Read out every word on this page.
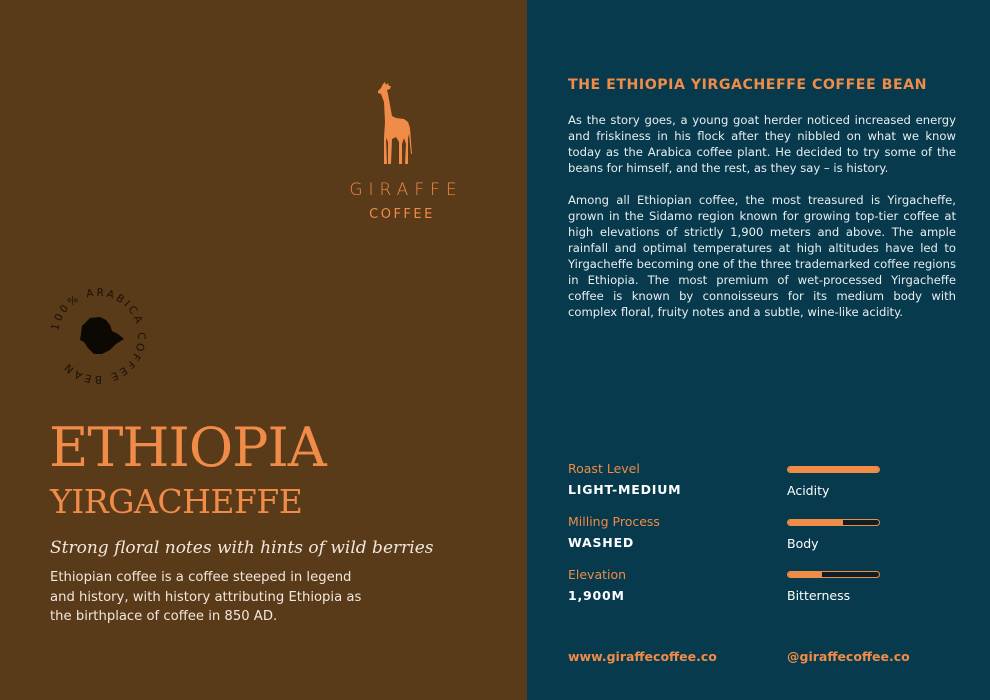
GIRAFFE
COFFEE
100% ARABICA COFFEE BEAN
ETHIOPIA
YIRGACHEFFE
Strong floral notes with hints of wild berries
Ethiopian coffee is a coffee steeped in legend and history, with history attributing Ethiopia as the birthplace of coffee in 850 AD.
THE ETHIOPIA YIRGACHEFFE COFFEE BEAN
As the story goes, a young goat herder noticed increased energy and friskiness in his flock after they nibbled on what we know today as the Arabica coffee plant. He decided to try some of the beans for himself, and the rest, as they say – is history.
Among all Ethiopian coffee, the most treasured is Yirgacheffe, grown in the Sidamo region known for growing top-tier coffee at high elevations of strictly 1,900 meters and above. The ample rainfall and optimal temperatures at high altitudes have led to Yirgacheffe becoming one of the three trademarked coffee regions in Ethiopia. The most premium of wet-processed Yirgacheffe coffee is known by connoisseurs for its medium body with complex floral, fruity notes and a subtle, wine-like acidity.
Roast Level
LIGHT-MEDIUM
Milling Process
WASHED
Elevation
1,900M
Acidity
Body
Bitterness
www.giraffecoffee.co	@giraffecoffee.co
